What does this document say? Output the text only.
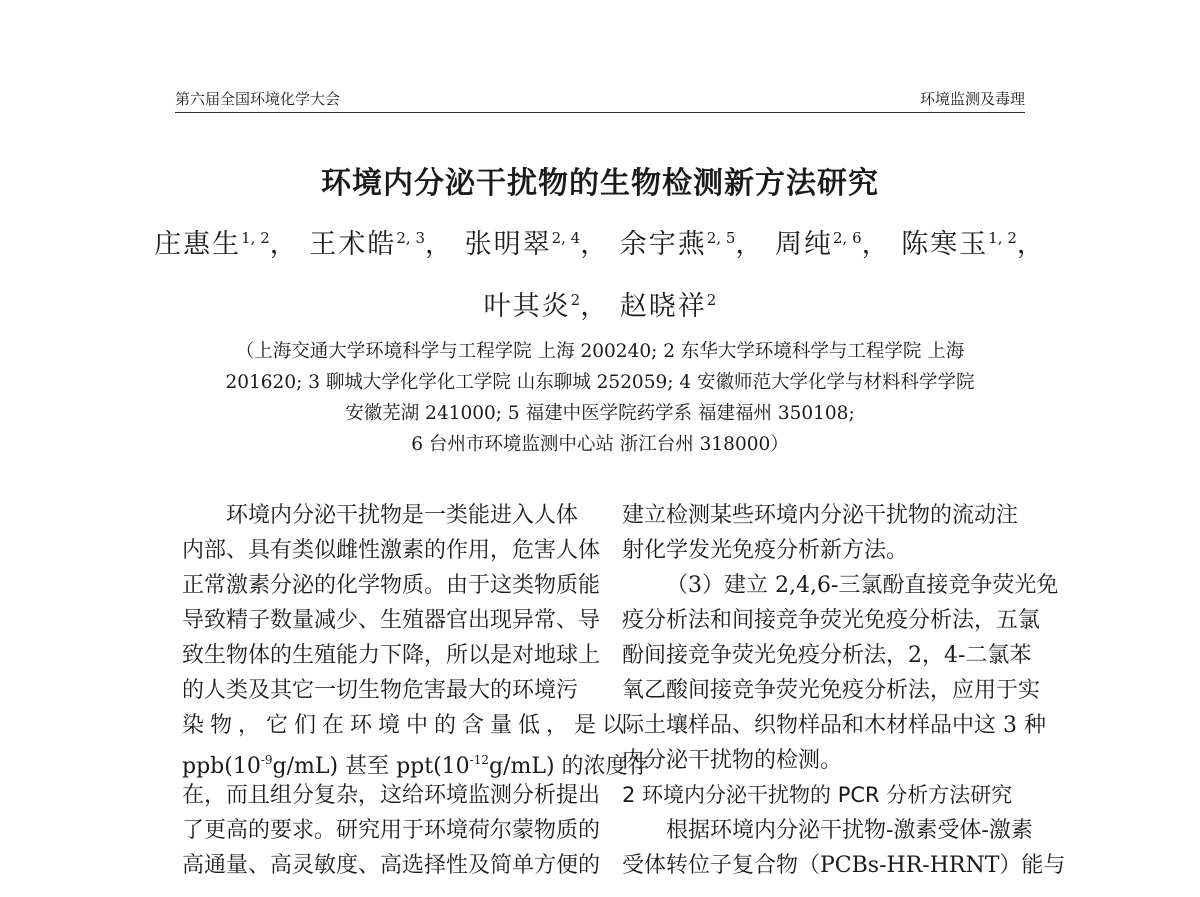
第六届全国环境化学大会	环境监测及毒理
环境内分泌干扰物的生物检测新方法研究
庄惠生$^{1, 2}$， 王术皓$^{2, 3}$， 张明翠$^{2, 4}$， 余宇燕$^{2, 5}$， 周纯$^{2, 6}$， 陈寒玉$^{1, 2}$，
叶其炎$^2$， 赵晓祥$^2$
（上海交通大学环境科学与工程学院 上海 200240; 2 东华大学环境科学与工程学院 上海
201620; 3 聊城大学化学化工学院 山东聊城 252059; 4 安徽师范大学化学与材料科学学院
安徽芜湖 241000; 5 福建中医学院药学系 福建福州 350108;
6 台州市环境监测中心站 浙江台州 318000）
环境内分泌干扰物是一类能进入人体
内部、具有类似雌性激素的作用，危害人体
正常激素分泌的化学物质。由于这类物质能
导致精子数量减少、生殖器官出现异常、导
致生物体的生殖能力下降，所以是对地球上
的人类及其它一切生物危害最大的环境污
染物，它们在环境中的含量低，是以
$ppb(10^{-9}g/mL)$ 甚至 $ppt(10^{-12}g/mL)$ 的浓度存
在，而且组分复杂，这给环境监测分析提出
了更高的要求。研究用于环境荷尔蒙物质的
高通量、高灵敏度、高选择性及简单方便的
建立检测某些环境内分泌干扰物的流动注
射化学发光免疫分析新方法。
（3）建立 2,4,6-三氯酚直接竞争荧光免
疫分析法和间接竞争荧光免疫分析法，五氯
酚间接竞争荧光免疫分析法，2，4-二氯苯
氧乙酸间接竞争荧光免疫分析法，应用于实
际土壤样品、织物样品和木材样品中这 3 种
内分泌干扰物的检测。
2 环境内分泌干扰物的 PCR 分析方法研究
根据环境内分泌干扰物-激素受体-激素
受体转位子复合物（PCBs-HR-HRNT）能与
